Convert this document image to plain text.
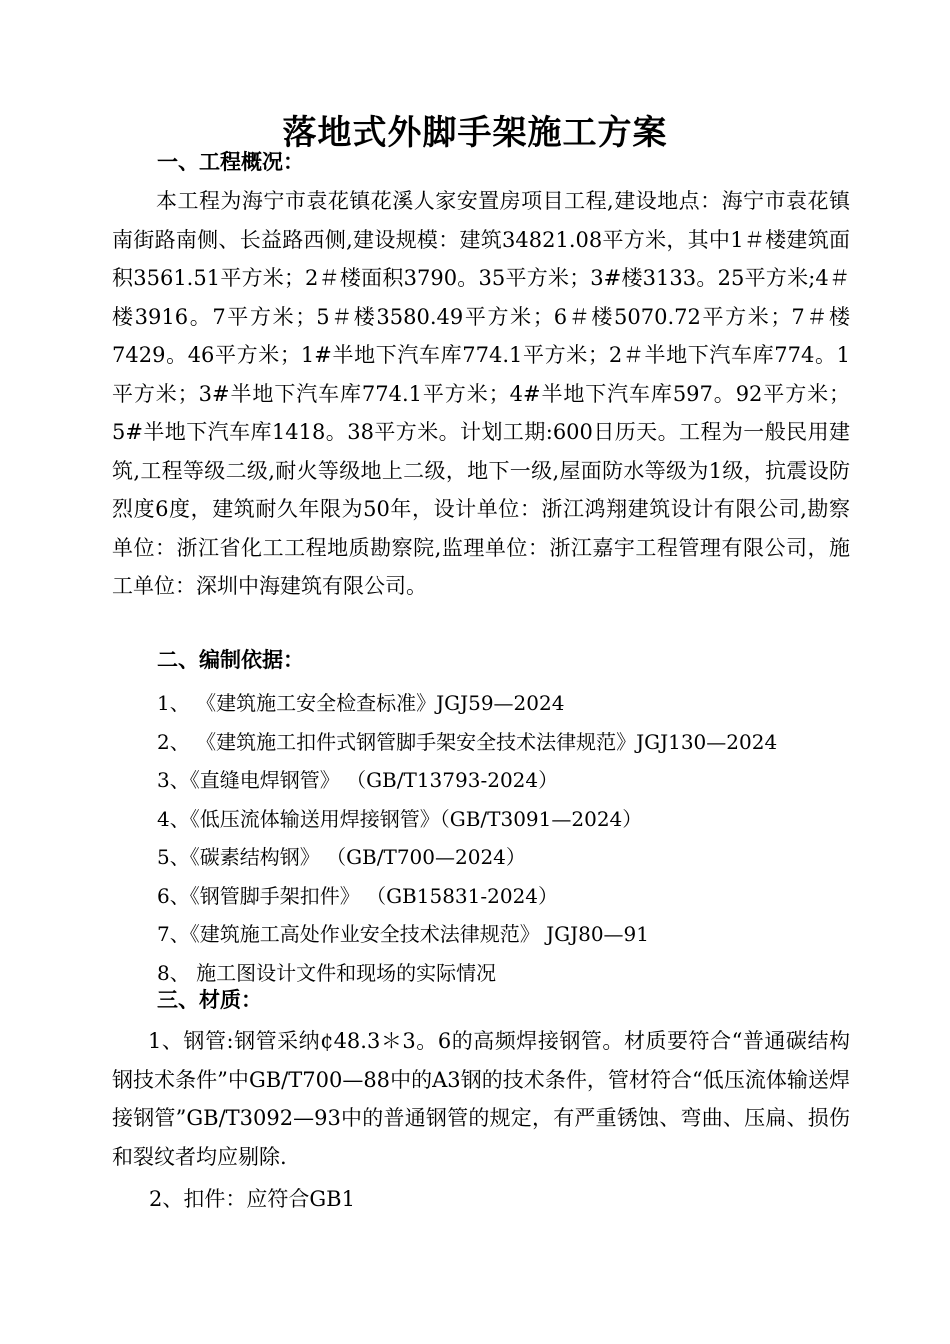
落地式外脚手架施工方案
一、工程概况：

本工程为海宁市袁花镇花溪人家安置房项目工程,建设地点：海宁市袁花镇南街路南侧、长益路西侧,建设规模：建筑34821.08平方米，其中1＃楼建筑面积3561.51平方米；2＃楼面积3790。35平方米；3#楼3133。25平方米;4＃楼3916。7平方米；5＃楼3580.49平方米；6＃楼5070.72平方米；7＃楼7429。46平方米；1#半地下汽车库774.1平方米；2＃半地下汽车库774。1平方米；3#半地下汽车库774.1平方米；4#半地下汽车库597。92平方米；5#半地下汽车库1418。38平方米。计划工期:600日历天。工程为一般民用建筑,工程等级二级,耐火等级地上二级，地下一级,屋面防水等级为1级，抗震设防烈度6度，建筑耐久年限为50年，设计单位：浙江鸿翔建筑设计有限公司,勘察单位：浙江省化工工程地质勘察院,监理单位：浙江嘉宇工程管理有限公司，施工单位：深圳中海建筑有限公司。

二、编制依据：
1、 《建筑施工安全检查标准》JGJ59—2024
2、 《建筑施工扣件式钢管脚手架安全技术法律规范》JGJ130—2024
3、《直缝电焊钢管》 （GB/T13793-2024）
4、《低压流体输送用焊接钢管》（GB/T3091—2024）
5、《碳素结构钢》 （GB/T700—2024）
6、《钢管脚手架扣件》 （GB15831-2024）
7、《建筑施工高处作业安全技术法律规范》 JGJ80—91
8、 施工图设计文件和现场的实际情况
三、材质：

1、钢管:钢管采纳¢48.3＊3。6的高频焊接钢管。材质要符合“普通碳结构钢技术条件”中GB/T700—88中的A3钢的技术条件，管材符合“低压流体输送焊接钢管”GB/T3092—93中的普通钢管的规定，有严重锈蚀、弯曲、压扁、损伤和裂纹者均应剔除.

2、扣件：应符合GB1
